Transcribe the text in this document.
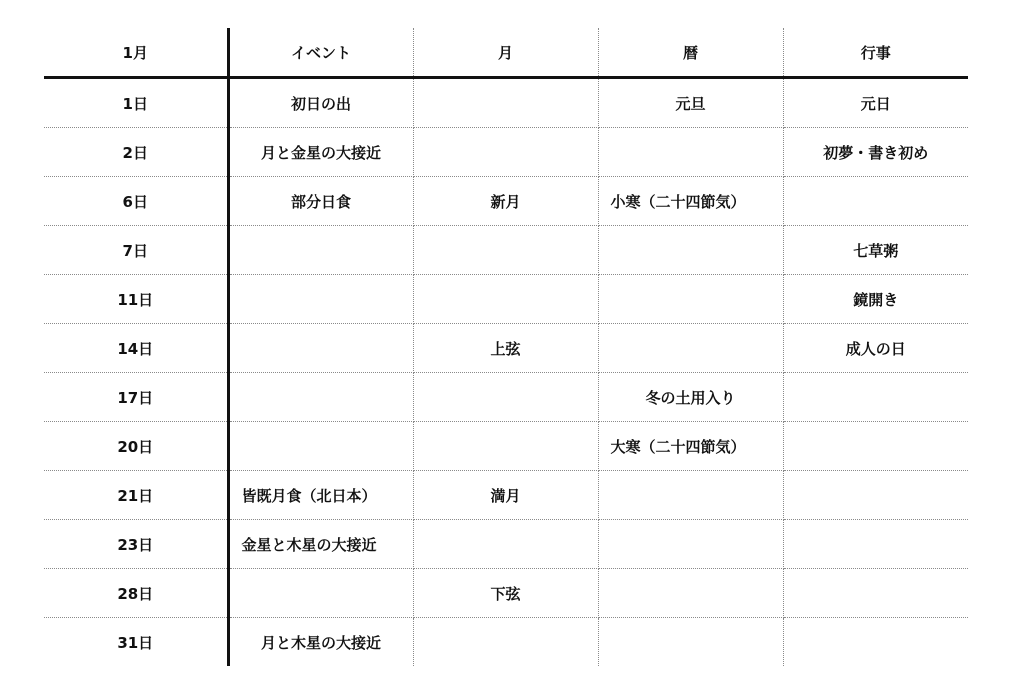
1月	イベント	月	暦	行事
1日	初日の出		元旦	元日
2日	月と金星の大接近			初夢・書き初め
6日	部分日食	新月	小寒（二十四節気）	
7日				七草粥
11日				鏡開き
14日		上弦		成人の日
17日			冬の土用入り	
20日			大寒（二十四節気）	
21日	皆既月食（北日本）	満月		
23日	金星と木星の大接近			
28日		下弦		
31日	月と木星の大接近			
